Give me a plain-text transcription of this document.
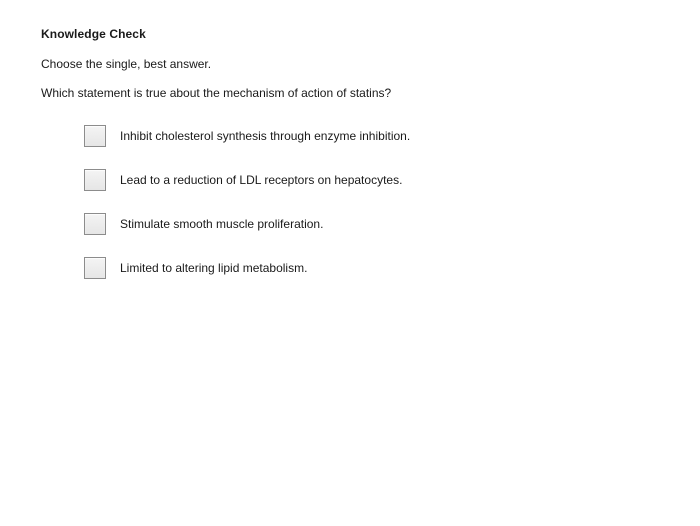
Knowledge Check
Choose the single, best answer.
Which statement is true about the mechanism of action of statins?
Inhibit cholesterol synthesis through enzyme inhibition.
Lead to a reduction of LDL receptors on hepatocytes.
Stimulate smooth muscle proliferation.
Limited to altering lipid metabolism.
